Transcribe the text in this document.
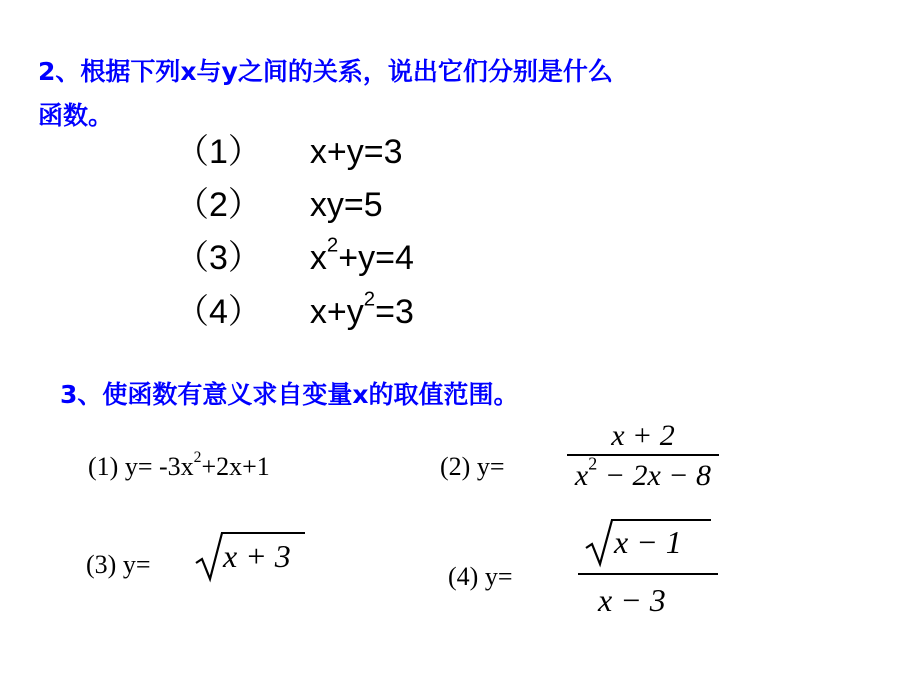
2、根据下列x与y之间的关系，说出它们分别是什么
函数。
（1） x+y=3
（2） xy=5
（3） $x^2+y=4$
（4） $x+y^2=3$
3、使函数有意义求自变量x的取值范围。
(1) $y= -3x^2+2x+1$	(2) y=
x + 2
$x^2 - 2x - 8$
(3) y= x + 3
(4) y=
x − 1
x − 3
